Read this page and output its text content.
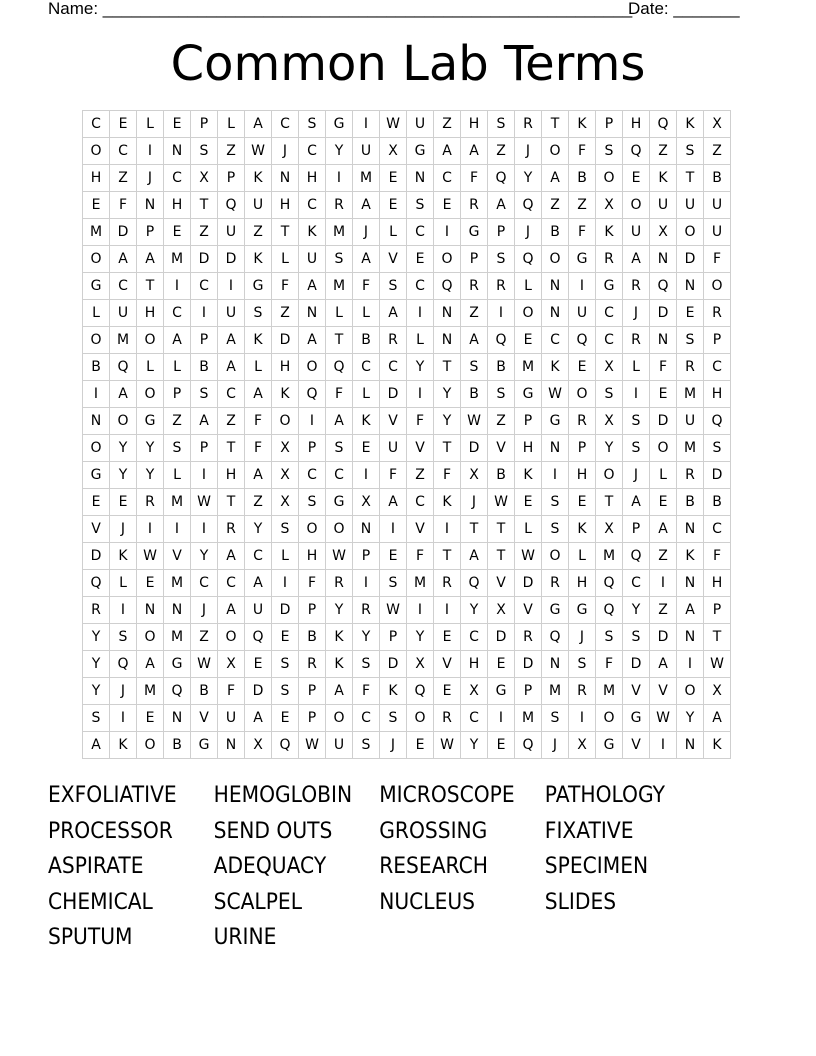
Name: ________________________________________________________
Date: _______
Common Lab Terms
C	E	L	E	P	L	A	C	S	G	I	W	U	Z	H	S	R	T	K	P	H	Q	K	X
O	C	I	N	S	Z	W	J	C	Y	U	X	G	A	A	Z	J	O	F	S	Q	Z	S	Z
H	Z	J	C	X	P	K	N	H	I	M	E	N	C	F	Q	Y	A	B	O	E	K	T	B
E	F	N	H	T	Q	U	H	C	R	A	E	S	E	R	A	Q	Z	Z	X	O	U	U	U
M	D	P	E	Z	U	Z	T	K	M	J	L	C	I	G	P	J	B	F	K	U	X	O	U
O	A	A	M	D	D	K	L	U	S	A	V	E	O	P	S	Q	O	G	R	A	N	D	F
G	C	T	I	C	I	G	F	A	M	F	S	C	Q	R	R	L	N	I	G	R	Q	N	O
L	U	H	C	I	U	S	Z	N	L	L	A	I	N	Z	I	O	N	U	C	J	D	E	R
O	M	O	A	P	A	K	D	A	T	B	R	L	N	A	Q	E	C	Q	C	R	N	S	P
B	Q	L	L	B	A	L	H	O	Q	C	C	Y	T	S	B	M	K	E	X	L	F	R	C
I	A	O	P	S	C	A	K	Q	F	L	D	I	Y	B	S	G	W	O	S	I	E	M	H
N	O	G	Z	A	Z	F	O	I	A	K	V	F	Y	W	Z	P	G	R	X	S	D	U	Q
O	Y	Y	S	P	T	F	X	P	S	E	U	V	T	D	V	H	N	P	Y	S	O	M	S
G	Y	Y	L	I	H	A	X	C	C	I	F	Z	F	X	B	K	I	H	O	J	L	R	D
E	E	R	M	W	T	Z	X	S	G	X	A	C	K	J	W	E	S	E	T	A	E	B	B
V	J	I	I	I	R	Y	S	O	O	N	I	V	I	T	T	L	S	K	X	P	A	N	C
D	K	W	V	Y	A	C	L	H	W	P	E	F	T	A	T	W	O	L	M	Q	Z	K	F
Q	L	E	M	C	C	A	I	F	R	I	S	M	R	Q	V	D	R	H	Q	C	I	N	H
R	I	N	N	J	A	U	D	P	Y	R	W	I	I	Y	X	V	G	G	Q	Y	Z	A	P
Y	S	O	M	Z	O	Q	E	B	K	Y	P	Y	E	C	D	R	Q	J	S	S	D	N	T
Y	Q	A	G	W	X	E	S	R	K	S	D	X	V	H	E	D	N	S	F	D	A	I	W
Y	J	M	Q	B	F	D	S	P	A	F	K	Q	E	X	G	P	M	R	M	V	V	O	X
S	I	E	N	V	U	A	E	P	O	C	S	O	R	C	I	M	S	I	O	G	W	Y	A
A	K	O	B	G	N	X	Q	W	U	S	J	E	W	Y	E	Q	J	X	G	V	I	N	K
EXFOLIATIVE	HEMOGLOBIN	MICROSCOPE	PATHOLOGY
PROCESSOR	SEND OUTS	GROSSING	FIXATIVE
ASPIRATE	ADEQUACY	RESEARCH	SPECIMEN
CHEMICAL	SCALPEL	NUCLEUS	SLIDES
SPUTUM	URINE
